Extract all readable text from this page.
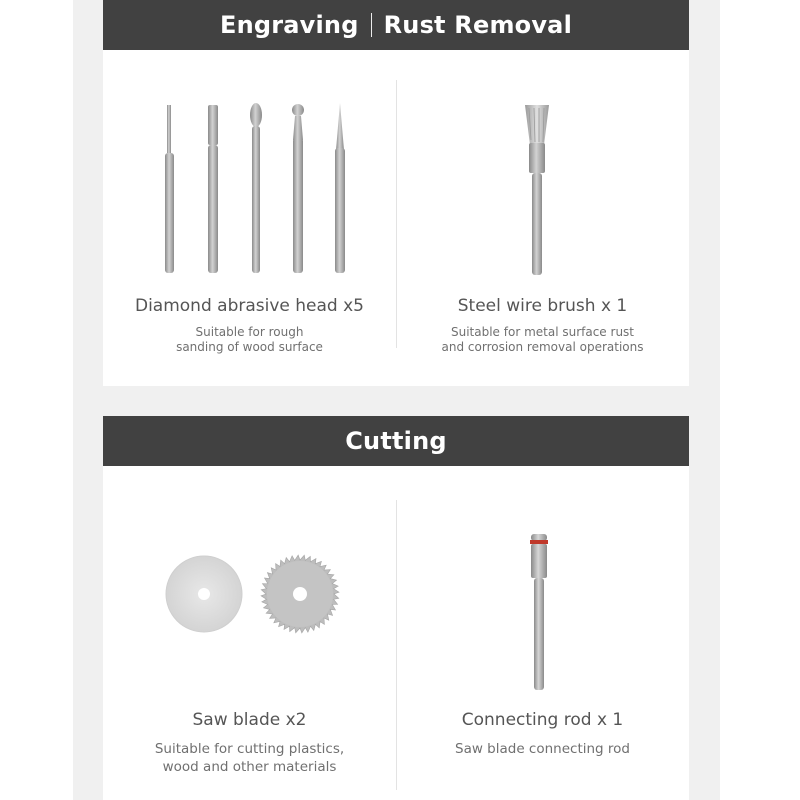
Engraving Rust Removal
Diamond abrasive head x5
Suitable for rough
sanding of wood surface
Steel wire brush x 1
Suitable for metal surface rust
and corrosion removal operations
Cutting
Saw blade x2
Suitable for cutting plastics,
wood and other materials
Connecting rod x 1
Saw blade connecting rod
